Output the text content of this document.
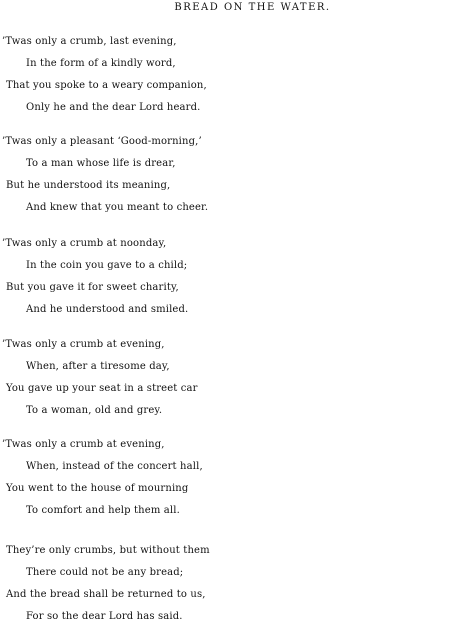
BREAD ON THE WATER.
’Twas only a crumb, last evening,
In the form of a kindly word,
That you spoke to a weary companion,
Only he and the dear Lord heard.
’Twas only a pleasant ‘Good-morning,’
To a man whose life is drear,
But he understood its meaning,
And knew that you meant to cheer.
’Twas only a crumb at noonday,
In the coin you gave to a child;
But you gave it for sweet charity,
And he understood and smiled.
’Twas only a crumb at evening,
When, after a tiresome day,
You gave up your seat in a street car
To a woman, old and grey.
’Twas only a crumb at evening,
When, instead of the concert hall,
You went to the house of mourning
To comfort and help them all.
They’re only crumbs, but without them
There could not be any bread;
And the bread shall be returned to us,
For so the dear Lord has said.
